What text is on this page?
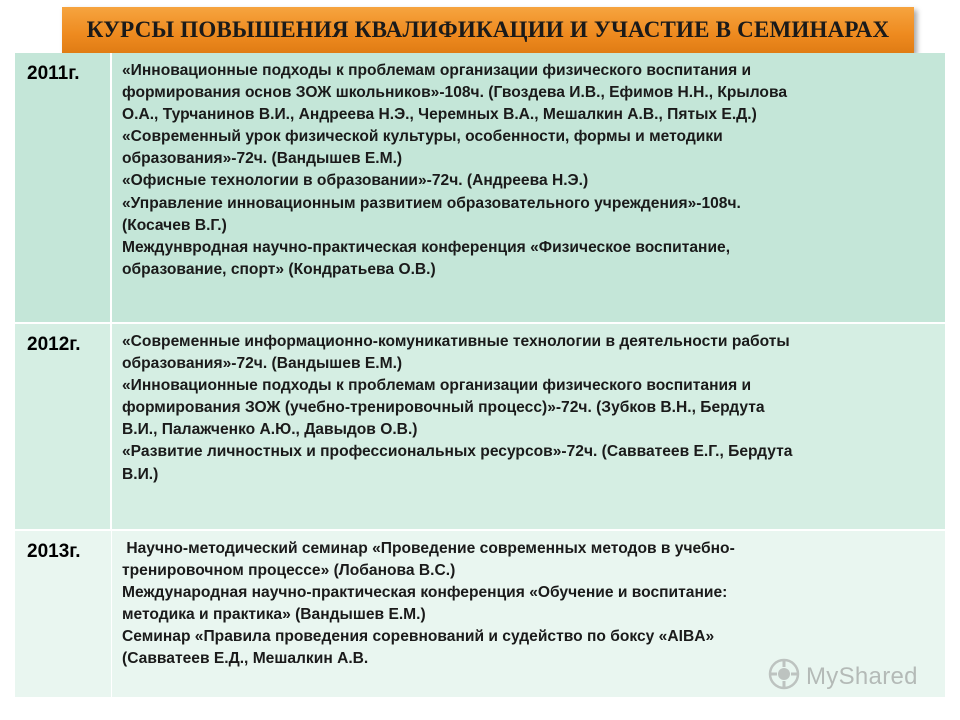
КУРСЫ ПОВЫШЕНИЯ КВАЛИФИКАЦИИ И УЧАСТИЕ В СЕМИНАРАХ
2011г.	«Инновационные подходы к проблемам организации физического воспитания и
формирования основ ЗОЖ школьников»-108ч. (Гвоздева И.В., Ефимов Н.Н., Крылова
О.А., Турчанинов В.И., Андреева Н.Э., Черемных В.А., Мешалкин А.В., Пятых Е.Д.)
«Современный урок физической культуры, особенности, формы и методики
образования»-72ч. (Вандышев Е.М.)
«Офисные технологии в образовании»-72ч. (Андреева Н.Э.)
«Управление инновационным развитием образовательного учреждения»-108ч.
(Косачев В.Г.)
Междунвродная научно-практическая конференция «Физическое воспитание,
образование, спорт» (Кондратьева О.В.)
2012г.	«Современные информационно-комуникативные технологии в деятельности работы
образования»-72ч. (Вандышев Е.М.)
«Инновационные подходы к проблемам организации физического воспитания и
формирования ЗОЖ (учебно-тренировочный процесс)»-72ч. (Зубков В.Н., Бердута
В.И., Палажченко А.Ю., Давыдов О.В.)
«Развитие личностных и профессиональных ресурсов»-72ч. (Савватеев Е.Г., Бердута
В.И.)
2013г.	Научно-методический семинар «Проведение современных методов в учебно-
тренировочном процессе» (Лобанова В.С.)
Международная научно-практическая конференция «Обучение и воспитание:
методика и практика» (Вандышев Е.М.)
Семинар «Правила проведения соревнований и судейство по боксу «AIBA»
(Савватеев Е.Д., Мешалкин А.В.
MyShared
